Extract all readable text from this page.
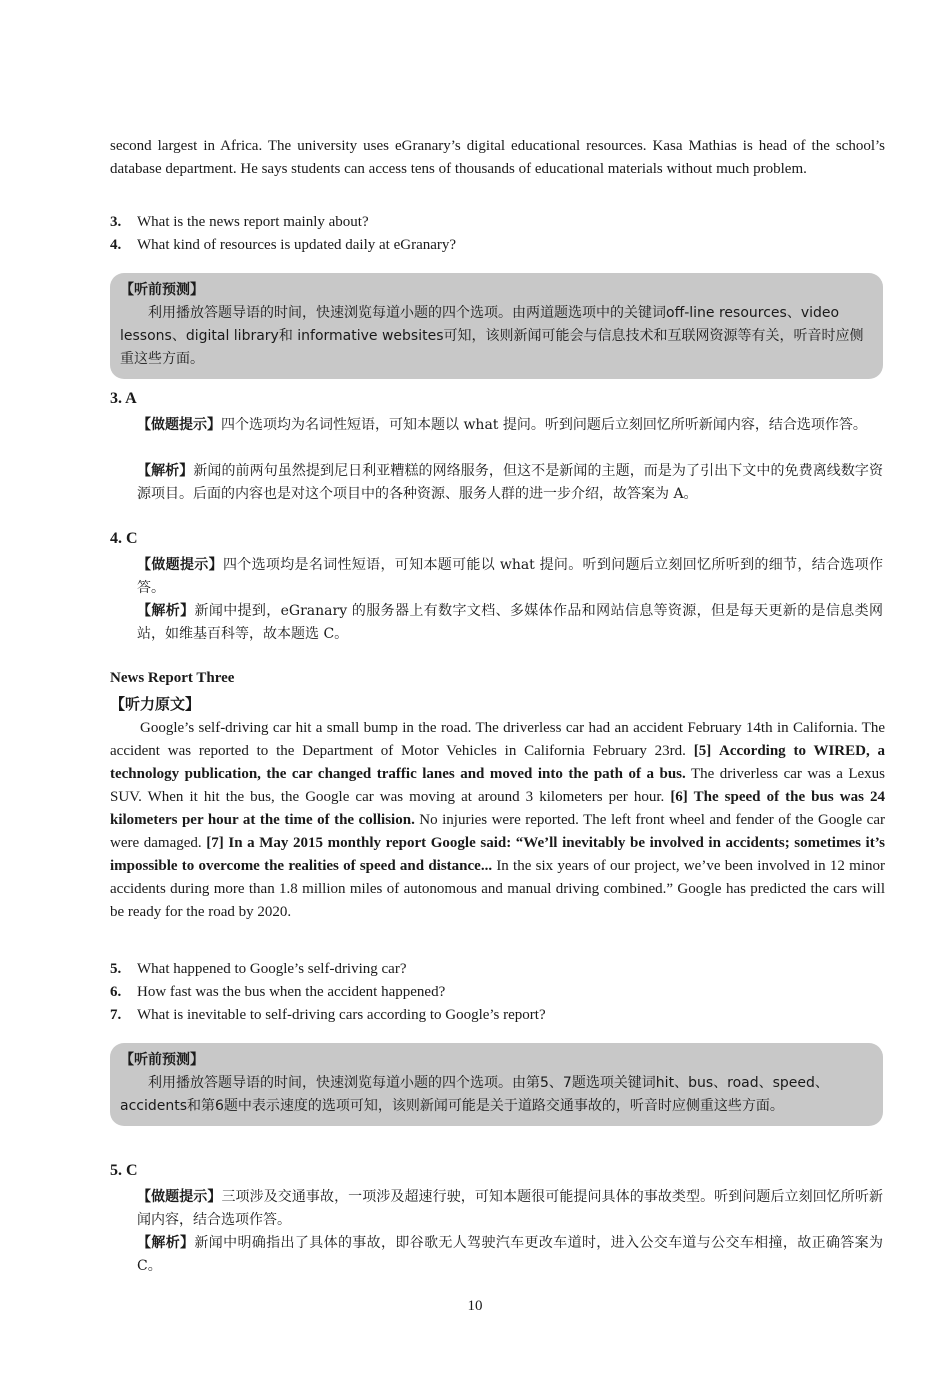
second largest in Africa. The university uses eGranary’s digital educational resources. Kasa Mathias is head of the school’s database department. He says students can access tens of thousands of educational materials without much problem.

3. What is the news report mainly about?

4. What kind of resources is updated daily at eGranary?

【听前预测】

利用播放答题导语的时间，快速浏览每道小题的四个选项。由两道题选项中的关键词off-line resources、video lessons、digital library和 informative websites可知，该则新闻可能会与信息技术和互联网资源等有关，听音时应侧重这些方面。

3. A

【做题提示】四个选项均为名词性短语，可知本题以 what 提问。听到问题后立刻回忆所听新闻内容，结合选项作答。

【解析】新闻的前两句虽然提到尼日利亚糟糕的网络服务，但这不是新闻的主题，而是为了引出下文中的免费离线数字资源项目。后面的内容也是对这个项目中的各种资源、服务人群的进一步介绍，故答案为 A。

4. C

【做题提示】四个选项均是名词性短语，可知本题可能以 what 提问。听到问题后立刻回忆所听到的细节，结合选项作答。

【解析】新闻中提到，eGranary 的服务器上有数字文档、多媒体作品和网站信息等资源，但是每天更新的是信息类网站，如维基百科等，故本题选 C。

News Report Three
【听力原文】

Google’s self-driving car hit a small bump in the road. The driverless car had an accident February 14th in California. The accident was reported to the Department of Motor Vehicles in California February 23rd. [5] According to WIRED, a technology publication, the car changed traffic lanes and moved into the path of a bus. The driverless car was a Lexus SUV. When it hit the bus, the Google car was moving at around 3 kilometers per hour. [6] The speed of the bus was 24 kilometers per hour at the time of the collision. No injuries were reported. The left front wheel and fender of the Google car were damaged. [7] In a May 2015 monthly report Google said: “We’ll inevitably be involved in accidents; sometimes it’s impossible to overcome the realities of speed and distance... In the six years of our project, we’ve been involved in 12 minor accidents during more than 1.8 million miles of autonomous and manual driving combined.” Google has predicted the cars will be ready for the road by 2020.

5. What happened to Google’s self-driving car?

6. How fast was the bus when the accident happened?

7. What is inevitable to self-driving cars according to Google’s report?

【听前预测】

利用播放答题导语的时间，快速浏览每道小题的四个选项。由第5、7题选项关键词hit、bus、road、speed、accidents和第6题中表示速度的选项可知，该则新闻可能是关于道路交通事故的，听音时应侧重这些方面。

5. C

【做题提示】三项涉及交通事故，一项涉及超速行驶，可知本题很可能提问具体的事故类型。听到问题后立刻回忆所听新闻内容，结合选项作答。

【解析】新闻中明确指出了具体的事故，即谷歌无人驾驶汽车更改车道时，进入公交车道与公交车相撞，故正确答案为 C。

10
